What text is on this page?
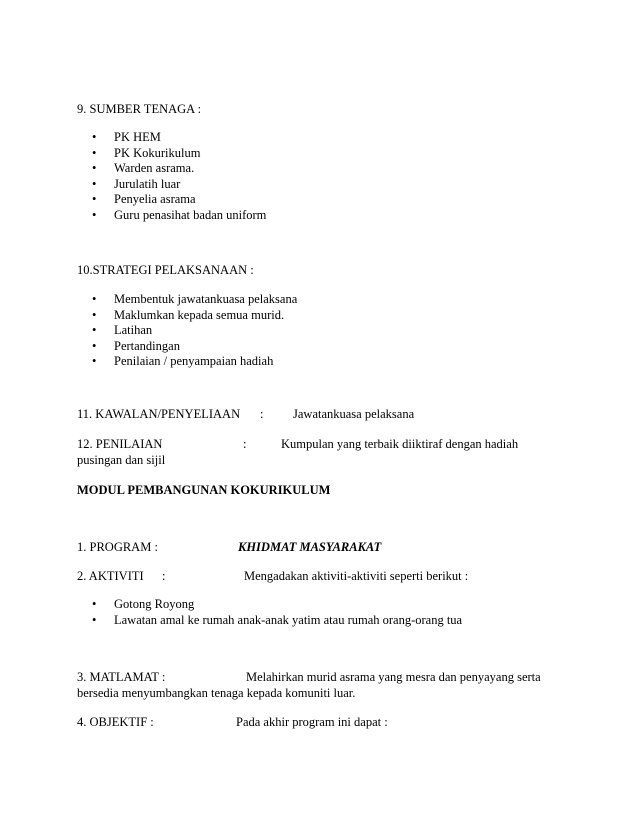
9. SUMBER TENAGA :
• PK HEM
• PK Kokurikulum
• Warden asrama.
• Jurulatih luar
• Penyelia asrama
• Guru penasihat badan uniform
10.STRATEGI PELAKSANAAN :
• Membentuk jawatankuasa pelaksana
• Maklumkan kepada semua murid.
• Latihan
• Pertandingan
• Penilaian / penyampaian hadiah
11. KAWALAN/PENYELIAAN : Jawatankuasa pelaksana
12. PENILAIAN	:	Kumpulan yang terbaik diiktiraf dengan hadiah
pusingan dan sijil
MODUL PEMBANGUNAN KOKURIKULUM
1. PROGRAM :	KHIDMAT MASYARAKAT
2. AKTIVITI :	Mengadakan aktiviti-aktiviti seperti berikut :
• Gotong Royong
• Lawatan amal ke rumah anak-anak yatim atau rumah orang-orang tua
3. MATLAMAT :	Melahirkan murid asrama yang mesra dan penyayang serta
bersedia menyumbangkan tenaga kepada komuniti luar.
4. OBJEKTIF :	Pada akhir program ini dapat :
